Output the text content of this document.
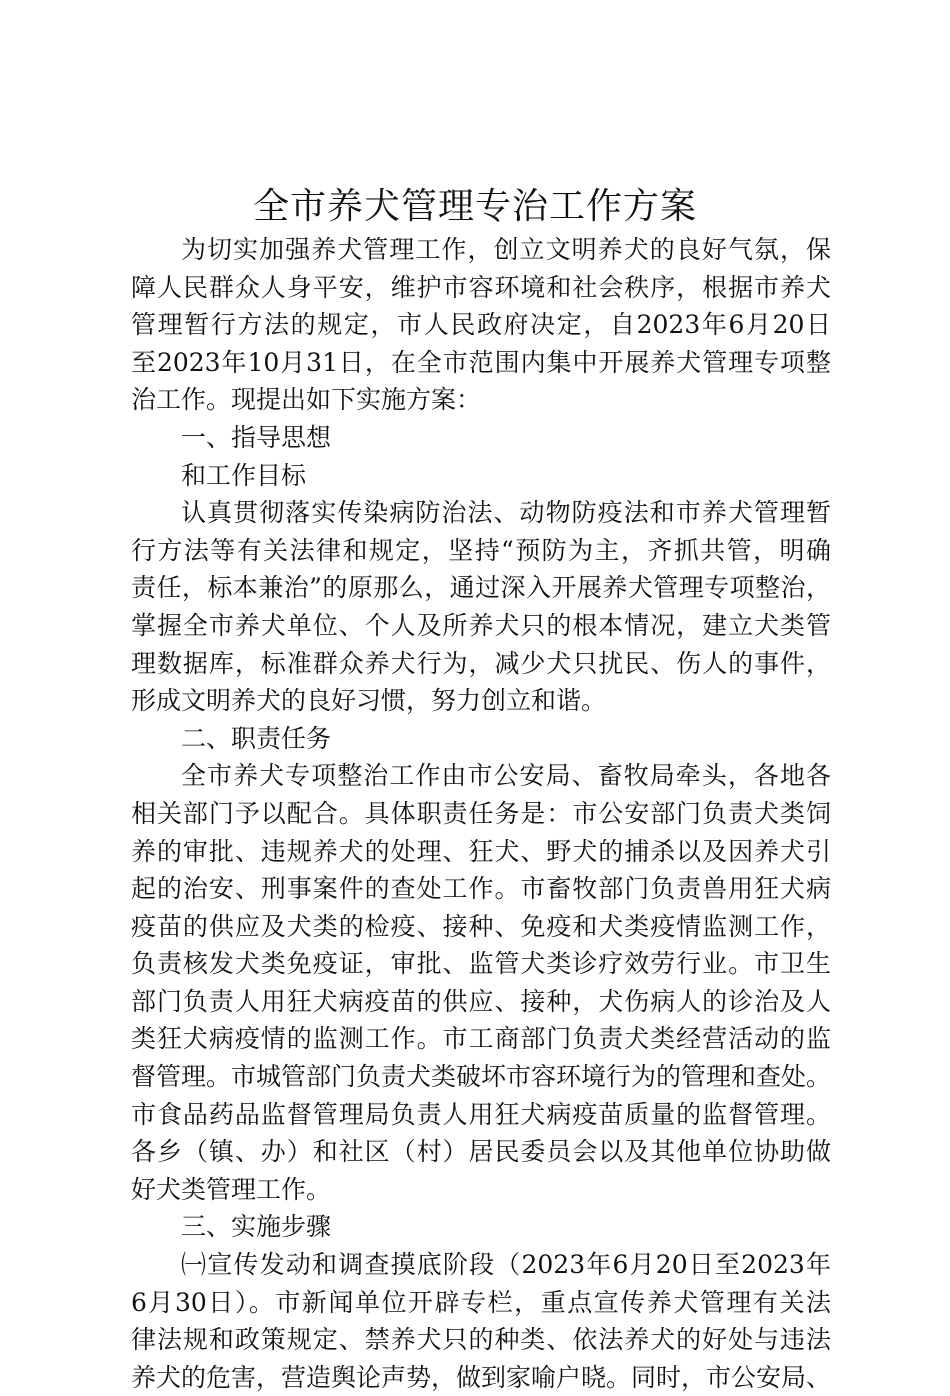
全市养犬管理专治工作方案
为切实加强养犬管理工作，创立文明养犬的良好气氛，保
障人民群众人身平安，维护市容环境和社会秩序，根据市养犬
管理暂行方法的规定，市人民政府决定，自2023年6月20日
至2023年10月31日，在全市范围内集中开展养犬管理专项整
治工作。现提出如下实施方案：
一、指导思想
和工作目标
认真贯彻落实传染病防治法、动物防疫法和市养犬管理暂
行方法等有关法律和规定，坚持“预防为主，齐抓共管，明确
责任，标本兼治”的原那么，通过深入开展养犬管理专项整治，
掌握全市养犬单位、个人及所养犬只的根本情况，建立犬类管
理数据库，标准群众养犬行为，减少犬只扰民、伤人的事件，
形成文明养犬的良好习惯，努力创立和谐。
二、职责任务
全市养犬专项整治工作由市公安局、畜牧局牵头，各地各
相关部门予以配合。具体职责任务是：市公安部门负责犬类饲
养的审批、违规养犬的处理、狂犬、野犬的捕杀以及因养犬引
起的治安、刑事案件的查处工作。市畜牧部门负责兽用狂犬病
疫苗的供应及犬类的检疫、接种、免疫和犬类疫情监测工作，
负责核发犬类免疫证，审批、监管犬类诊疗效劳行业。市卫生
部门负责人用狂犬病疫苗的供应、接种，犬伤病人的诊治及人
类狂犬病疫情的监测工作。市工商部门负责犬类经营活动的监
督管理。市城管部门负责犬类破坏市容环境行为的管理和查处。
市食品药品监督管理局负责人用狂犬病疫苗质量的监督管理。
各乡（镇、办）和社区（村）居民委员会以及其他单位协助做
好犬类管理工作。
三、实施步骤
㈠宣传发动和调查摸底阶段（2023年6月20日至2023年
6月30日）。市新闻单位开辟专栏，重点宣传养犬管理有关法
律法规和政策规定、禁养犬只的种类、依法养犬的好处与违法
养犬的危害，营造舆论声势，做到家喻户晓。同时，市公安局、
